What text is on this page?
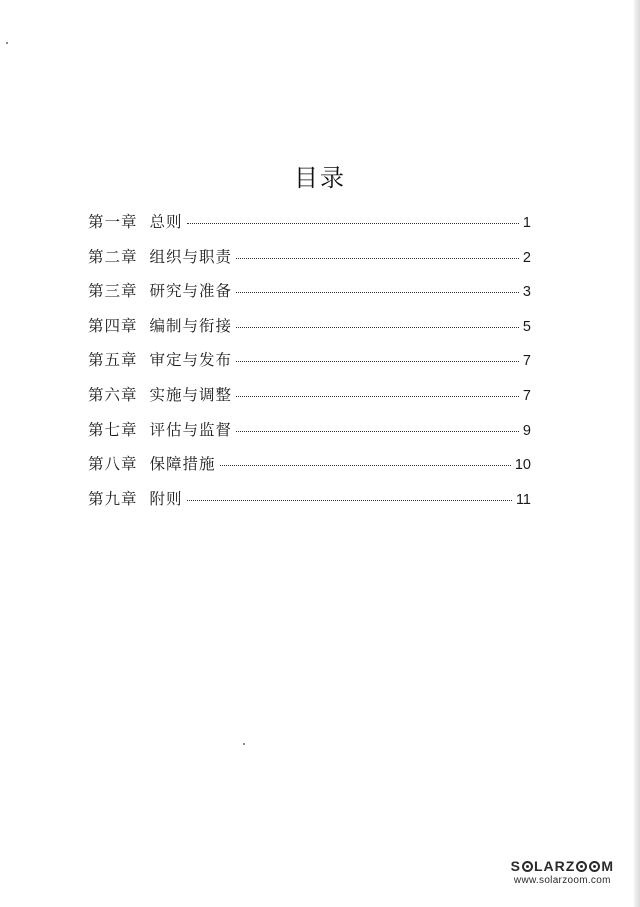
目录
第一章 总则	1
第二章 组织与职责	2
第三章 研究与准备	3
第四章 编制与衔接	5
第五章 审定与发布	7
第六章 实施与调整	7
第七章 评估与监督	9
第八章 保障措施	10
第九章 附则	11
S LARZ M
www.solarzoom.com
